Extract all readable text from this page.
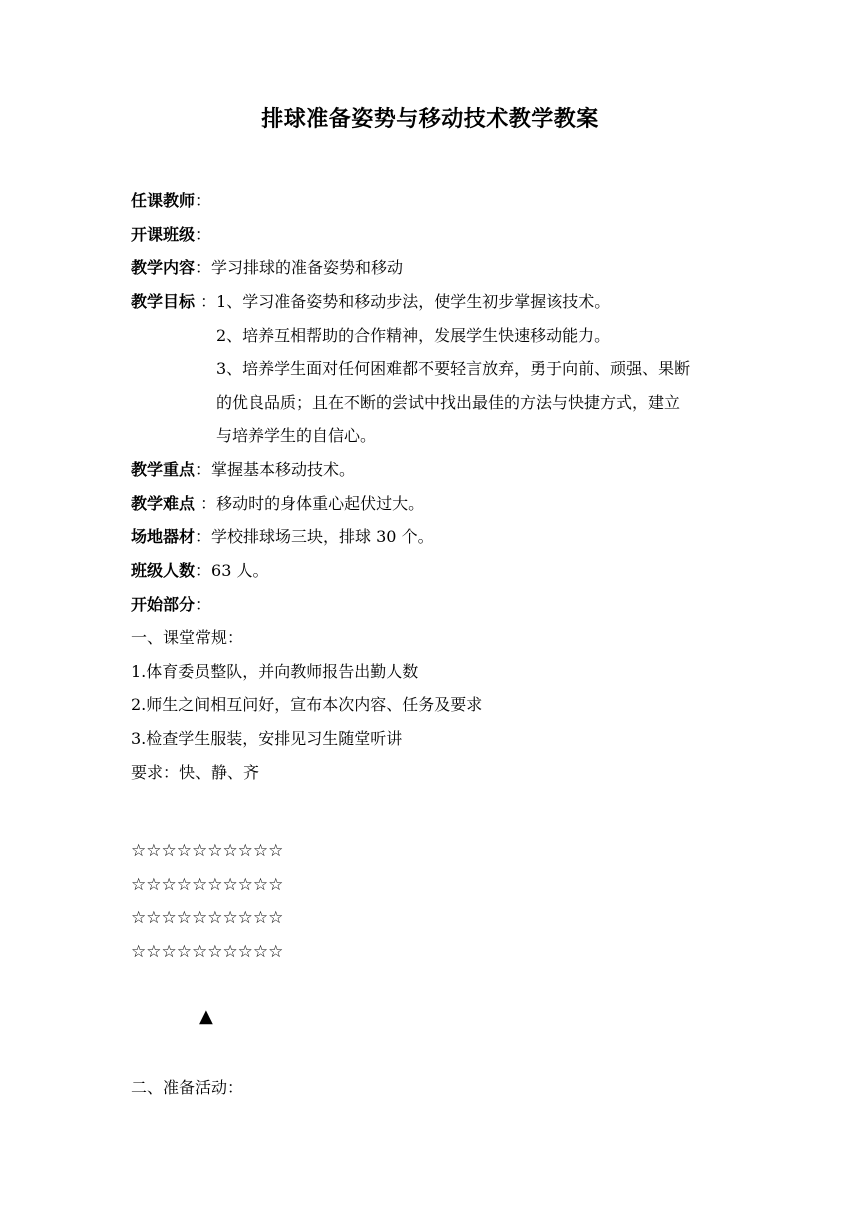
排球准备姿势与移动技术教学教案
任课教师：
开课班级：
教学内容：学习排球的准备姿势和移动
教学目标 ：1、学习准备姿势和移动步法，使学生初步掌握该技术。
2、培养互相帮助的合作精神，发展学生快速移动能力。
3、培养学生面对任何困难都不要轻言放弃，勇于向前、顽强、果断
的优良品质；且在不断的尝试中找出最佳的方法与快捷方式，建立
与培养学生的自信心。
教学重点：掌握基本移动技术。
教学难点 ：移动时的身体重心起伏过大。
场地器材：学校排球场三块，排球 30 个。
班级人数：63 人。
开始部分：
一、课堂常规：
1.体育委员整队，并向教师报告出勤人数
2.师生之间相互问好，宣布本次内容、任务及要求
3.检查学生服装，安排见习生随堂听讲
要求：快、静、齐
☆☆☆☆☆☆☆☆☆☆
☆☆☆☆☆☆☆☆☆☆
☆☆☆☆☆☆☆☆☆☆
☆☆☆☆☆☆☆☆☆☆
▲
二、准备活动：
